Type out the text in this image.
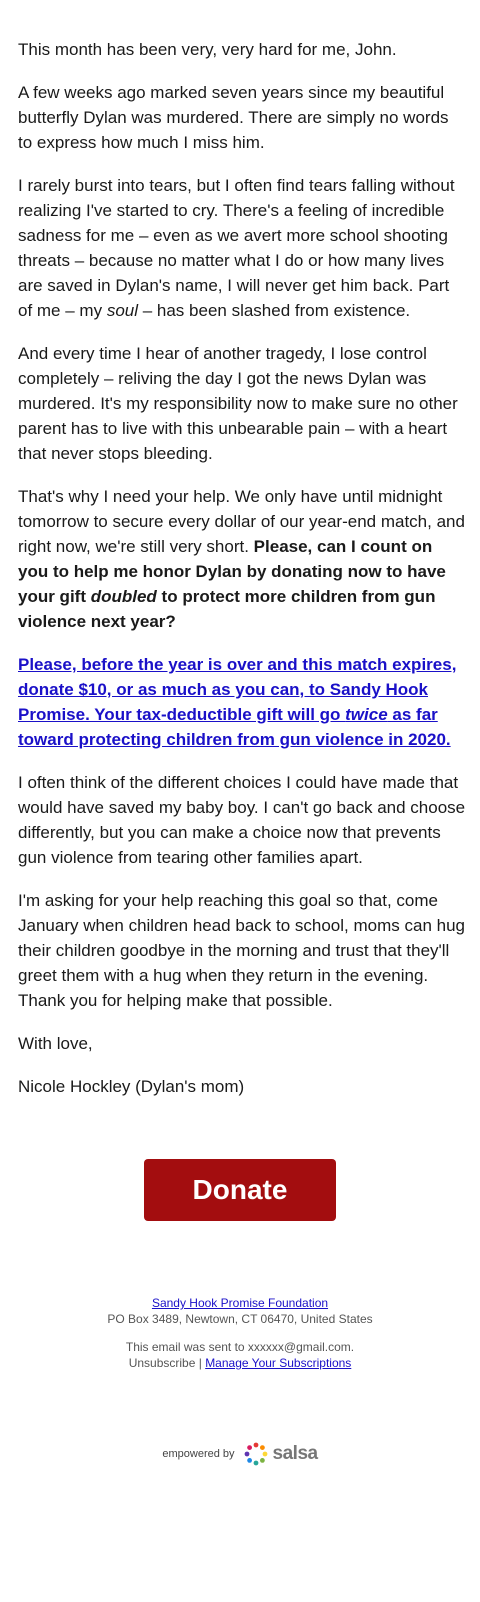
This month has been very, very hard for me, John.

A few weeks ago marked seven years since my beautiful butterfly Dylan was murdered. There are simply no words to express how much I miss him.

I rarely burst into tears, but I often find tears falling without realizing I've started to cry. There's a feeling of incredible sadness for me – even as we avert more school shooting threats – because no matter what I do or how many lives are saved in Dylan's name, I will never get him back. Part of me – my soul – has been slashed from existence.

And every time I hear of another tragedy, I lose control completely – reliving the day I got the news Dylan was murdered. It's my responsibility now to make sure no other parent has to live with this unbearable pain – with a heart that never stops bleeding.

That's why I need your help. We only have until midnight tomorrow to secure every dollar of our year-end match, and right now, we're still very short. Please, can I count on you to help me honor Dylan by donating now to have your gift doubled to protect more children from gun violence next year?

Please, before the year is over and this match expires, donate $10, or as much as you can, to Sandy Hook Promise. Your tax-deductible gift will go twice as far toward protecting children from gun violence in 2020.

I often think of the different choices I could have made that would have saved my baby boy. I can't go back and choose differently, but you can make a choice now that prevents gun violence from tearing other families apart.

I'm asking for your help reaching this goal so that, come January when children head back to school, moms can hug their children goodbye in the morning and trust that they'll greet them with a hug when they return in the evening. Thank you for helping make that possible.

With love,

Nicole Hockley (Dylan's mom)

Donate
Sandy Hook Promise Foundation
PO Box 3489, Newtown, CT 06470, United States
This email was sent to xxxxxx@gmail.com.
Unsubscribe | Manage Your Subscriptions
empowered by salsa
